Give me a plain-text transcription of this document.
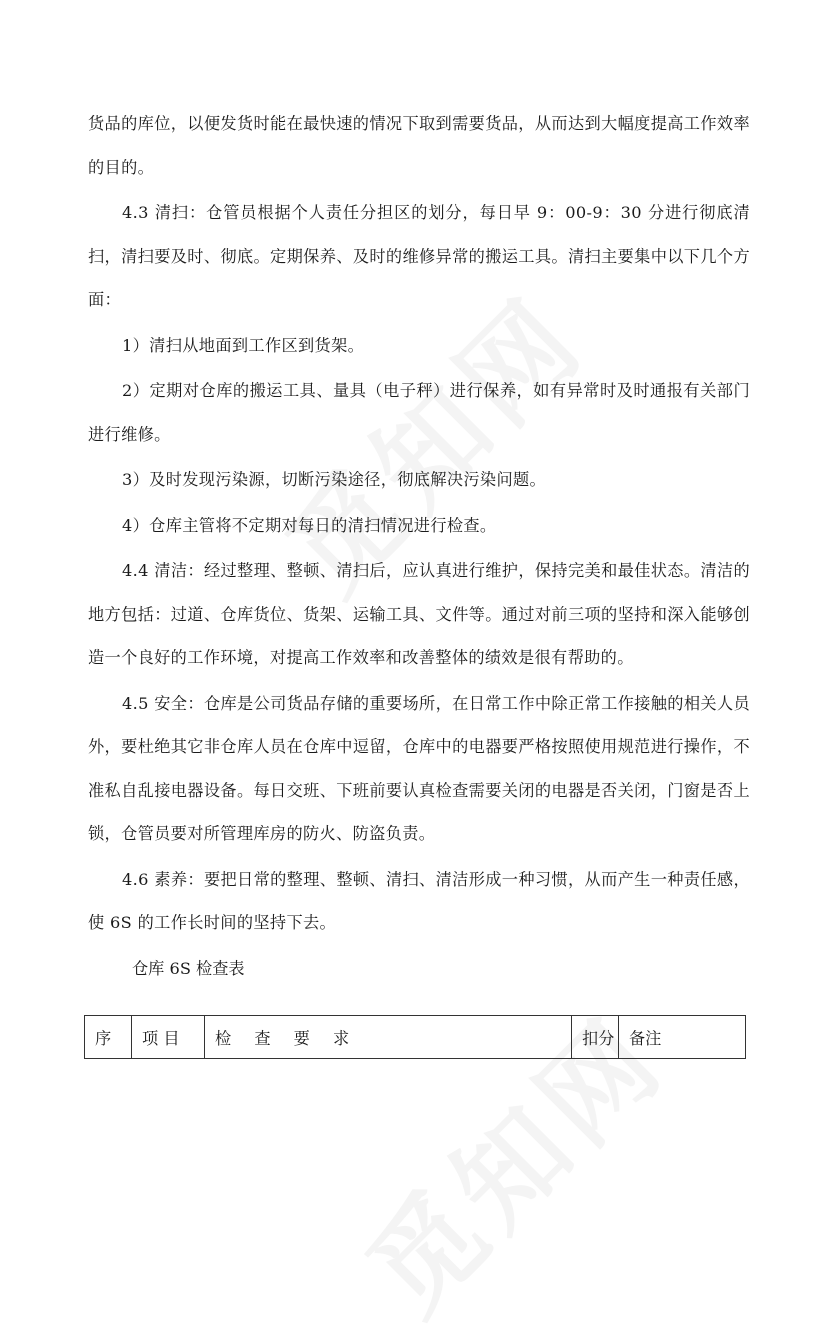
货品的库位，以便发货时能在最快速的情况下取到需要货品，从而达到大幅度提高工作效率的目的。

4.3 清扫：仓管员根据个人责任分担区的划分，每日早 9：00-9：30 分进行彻底清扫，清扫要及时、彻底。定期保养、及时的维修异常的搬运工具。清扫主要集中以下几个方面：

1）清扫从地面到工作区到货架。

2）定期对仓库的搬运工具、量具（电子秤）进行保养，如有异常时及时通报有关部门进行维修。

3）及时发现污染源，切断污染途径，彻底解决污染问题。

4）仓库主管将不定期对每日的清扫情况进行检查。

4.4 清洁：经过整理、整顿、清扫后，应认真进行维护，保持完美和最佳状态。清洁的地方包括：过道、仓库货位、货架、运输工具、文件等。通过对前三项的坚持和深入能够创造一个良好的工作环境，对提高工作效率和改善整体的绩效是很有帮助的。

4.5 安全：仓库是公司货品存储的重要场所，在日常工作中除正常工作接触的相关人员外，要杜绝其它非仓库人员在仓库中逗留，仓库中的电器要严格按照使用规范进行操作，不准私自乱接电器设备。每日交班、下班前要认真检查需要关闭的电器是否关闭，门窗是否上锁，仓管员要对所管理库房的防火、防盗负责。

4.6 素养：要把日常的整理、整顿、清扫、清洁形成一种习惯，从而产生一种责任感，使 6S 的工作长时间的坚持下去。

仓库 6S 检查表
序	项 目	检 查 要 求	扣分	备注
